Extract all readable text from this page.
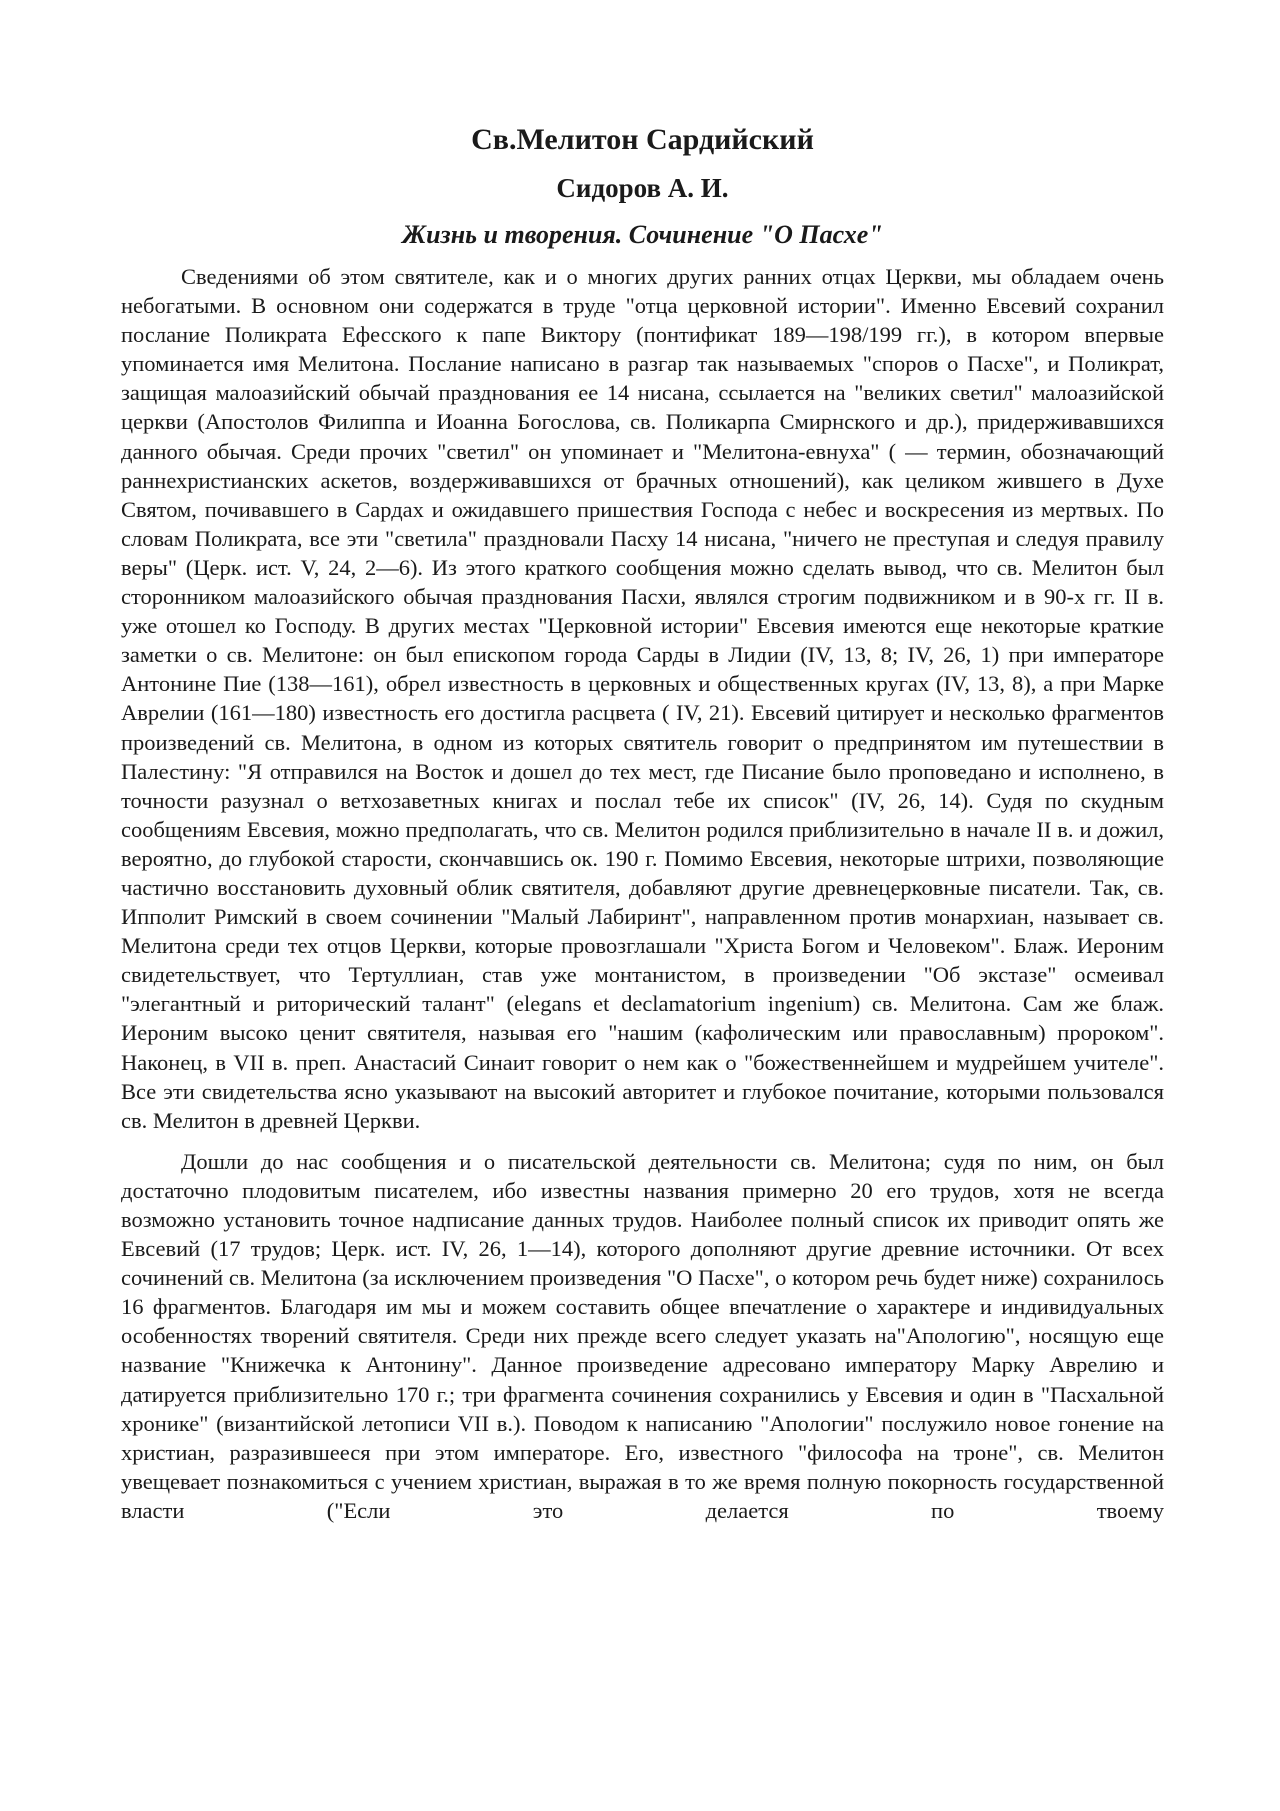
Св.Мелитон Сардийский
Сидоров А. И.
Жизнь и творения. Сочинение "О Пасхе"

Сведениями об этом святителе, как и о многих других ранних отцах Церкви, мы обладаем очень небогатыми. В основном они содержатся в труде "отца церковной истории". Именно Евсевий сохранил послание Поликрата Ефесского к папе Виктору (понтификат 189—198/199 гг.), в котором впервые упоминается имя Мелитона. Послание написано в разгар так называемых "споров о Пасхе", и Поликрат, защищая малоазийский обычай празднования ее 14 нисана, ссылается на "великих светил" малоазийской церкви (Апостолов Филиппа и Иоанна Богослова, св. Поликарпа Смирнского и др.), придерживавшихся данного обычая. Среди прочих "светил" он упоминает и "Мелитона-евнуха" ( — термин, обозначающий раннехристианских аскетов, воздерживавшихся от брачных отношений), как целиком жившего в Духе Святом, почивавшего в Сардах и ожидавшего пришествия Господа с небес и воскресения из мертвых. По словам Поликрата, все эти "светила" праздновали Пасху 14 нисана, "ничего не преступая и следуя правилу веры" (Церк. ист. V, 24, 2—6). Из этого краткого сообщения можно сделать вывод, что св. Мелитон был сторонником малоазийского обычая празднования Пасхи, являлся строгим подвижником и в 90-х гг. II в. уже отошел ко Господу. В других местах "Церковной истории" Евсевия имеются еще некоторые краткие заметки о св. Мелитоне: он был епископом города Сарды в Лидии (IV, 13, 8; IV, 26, 1) при императоре Антонине Пие (138—161), обрел известность в церковных и общественных кругах (IV, 13, 8), а при Марке Аврелии (161—180) известность его достигла расцвета ( IV, 21). Евсевий цитирует и несколько фрагментов произведений св. Мелитона, в одном из которых святитель говорит о предпринятом им путешествии в Палестину: "Я отправился на Восток и дошел до тех мест, где Писание было проповедано и исполнено, в точности разузнал о ветхозаветных книгах и послал тебе их список" (IV, 26, 14). Судя по скудным сообщениям Евсевия, можно предполагать, что св. Мелитон родился приблизительно в начале II в. и дожил, вероятно, до глубокой старости, скончавшись ок. 190 г. Помимо Евсевия, некоторые штрихи, позволяющие частично восстановить духовный облик святителя, добавляют другие древнецерковные писатели. Так, св. Ипполит Римский в своем сочинении "Малый Лабиринт", направленном против монархиан, называет св. Мелитона среди тех отцов Церкви, которые провозглашали "Христа Богом и Человеком". Блаж. Иероним свидетельствует, что Тертуллиан, став уже монтанистом, в произведении "Об экстазе" осмеивал "элегантный и риторический талант" (elegans et declamatorium ingenium) св. Мелитона. Сам же блаж. Иероним высоко ценит святителя, называя его "нашим (кафолическим или православным) пророком". Наконец, в VII в. преп. Анастасий Синаит говорит о нем как о "божественнейшем и мудрейшем учителе". Все эти свидетельства ясно указывают на высокий авторитет и глубокое почитание, которыми пользовался св. Мелитон в древней Церкви.

Дошли до нас сообщения и о писательской деятельности св. Мелитона; судя по ним, он был достаточно плодовитым писателем, ибо известны названия примерно 20 его трудов, хотя не всегда возможно установить точное надписание данных трудов. Наиболее полный список их приводит опять же Евсевий (17 трудов; Церк. ист. IV, 26, 1—14), которого дополняют другие древние источники. От всех сочинений св. Мелитона (за исключением произведения "О Пасхе", о котором речь будет ниже) сохранилось 16 фрагментов. Благодаря им мы и можем составить общее впечатление о характере и индивидуальных особенностях творений святителя. Среди них прежде всего следует указать на"Апологию", носящую еще название "Книжечка к Антонину". Данное произведение адресовано императору Марку Аврелию и датируется приблизительно 170 г.; три фрагмента сочинения сохранились у Евсевия и один в "Пасхальной хронике" (византийской летописи VII в.). Поводом к написанию "Апологии" послужило новое гонение на христиан, разразившееся при этом императоре. Его, известного "философа на троне", св. Мелитон увещевает познакомиться с учением христиан, выражая в то же время полную покорность государственной власти ("Если это делается по твоему
